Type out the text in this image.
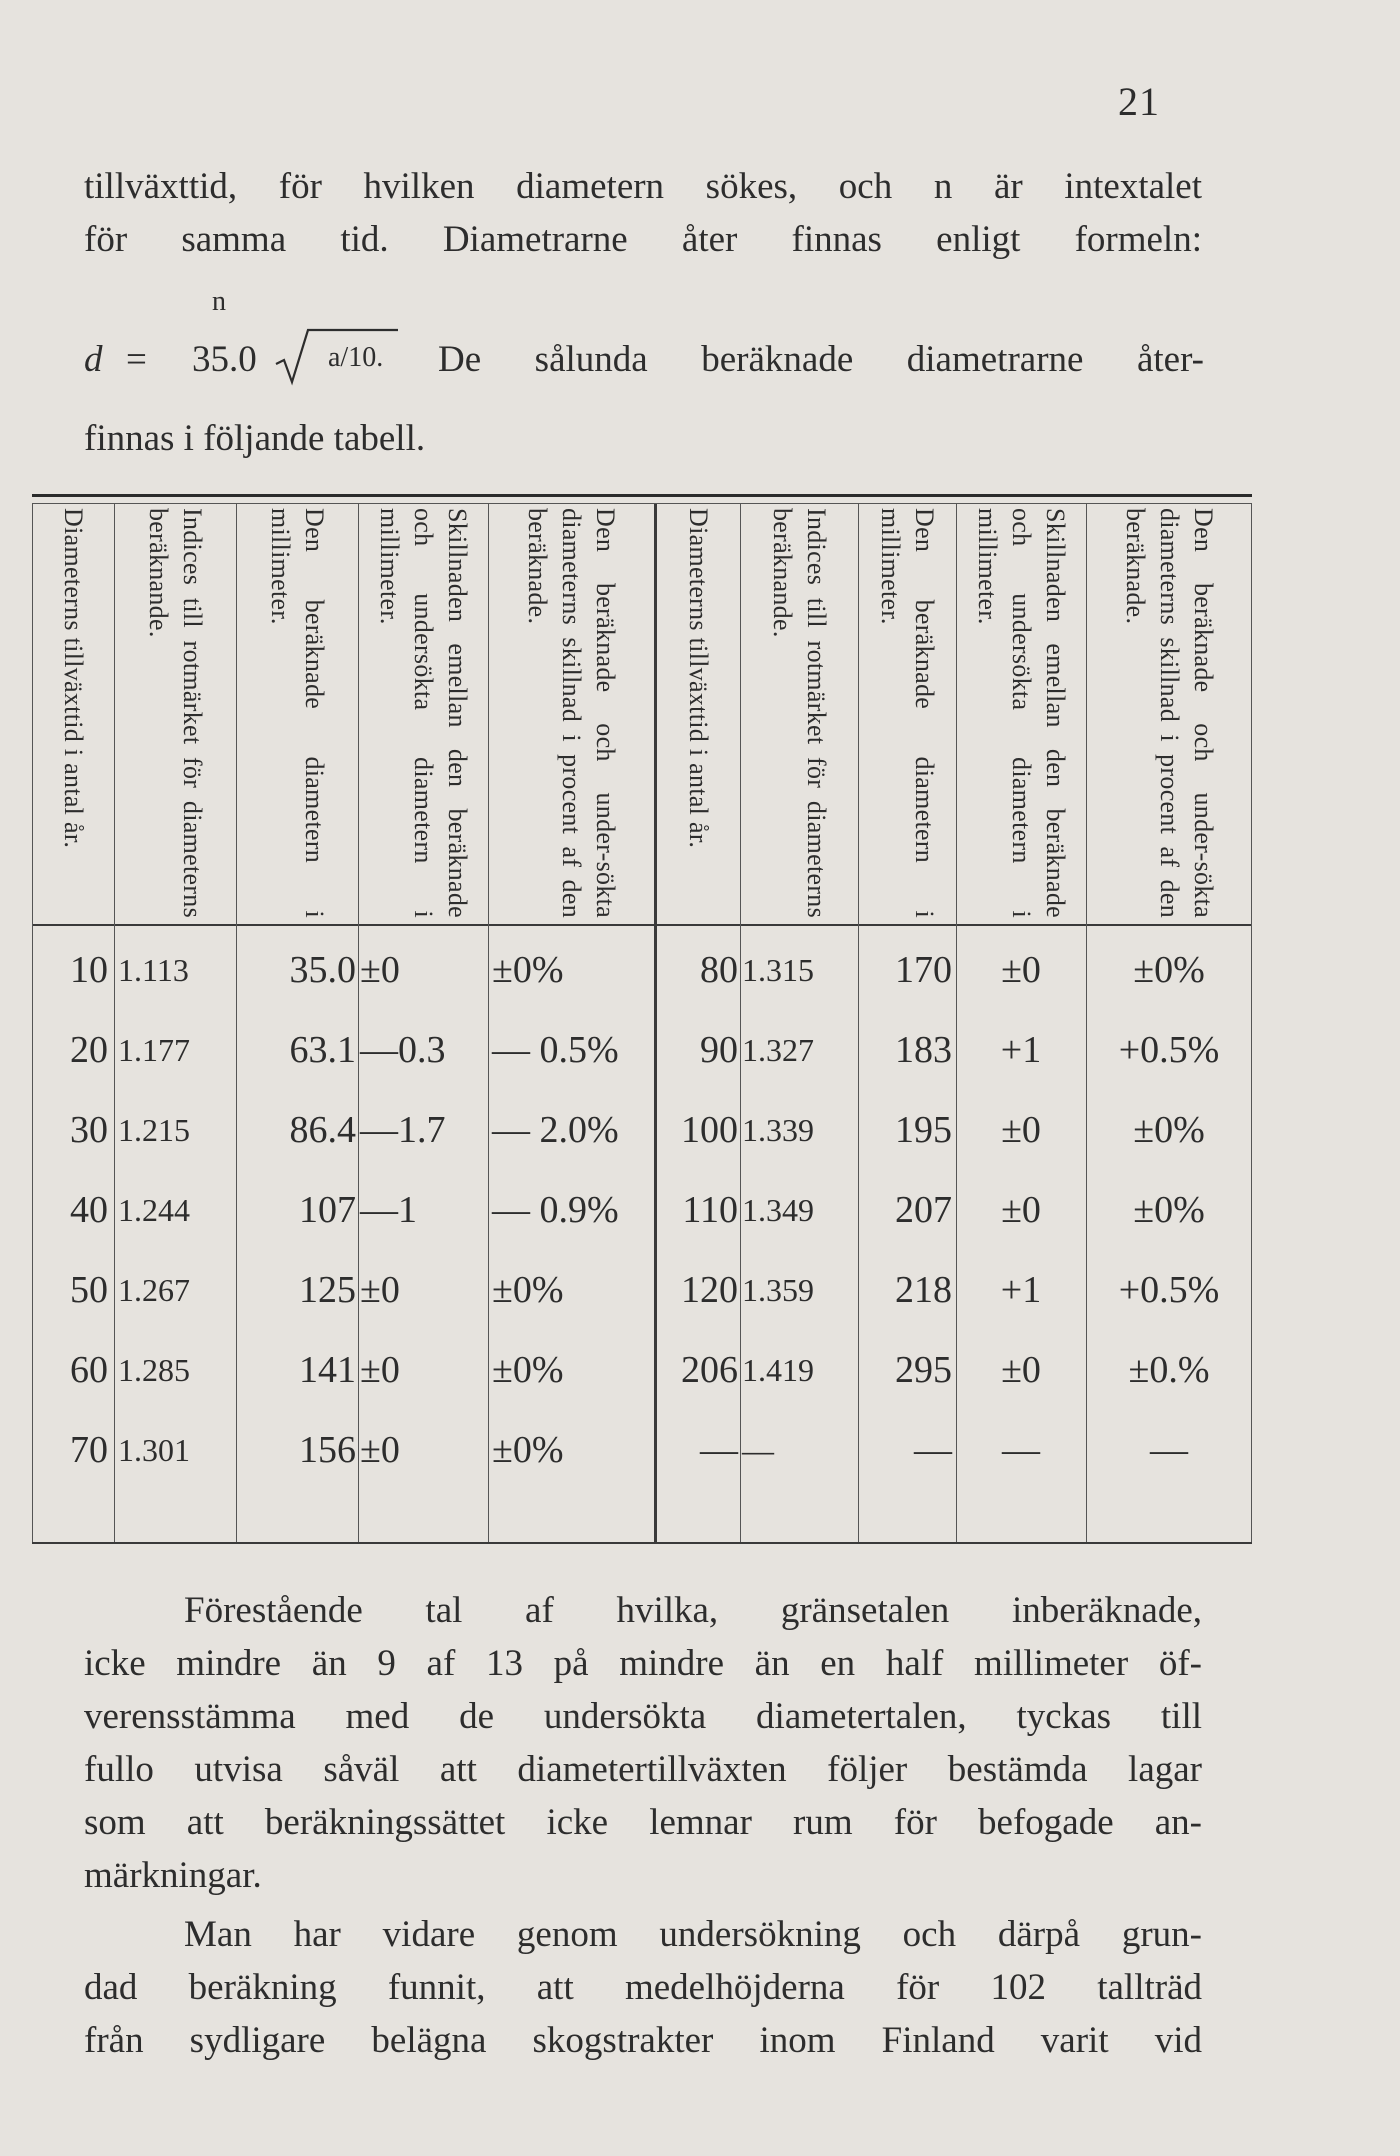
21

tillväxttid, för hvilken diametern sökes, och n är intextalet
för samma tid. Diametrarne åter finnas enligt formeln:

n
d = 35.0	a/10. De sålunda beräknade diametrarne åter-

finnas i följande tabell.

Diameterns tillväxttid i antal år.	Indices till rotmärket för diameterns beräknande.	Den beräknade diametern i millimeter.	Skillnaden emellan den beräknade och undersökta diametern i millimeter.	Den beräknade och under-sökta diameterns skillnad i procent af den beräknade.	Diameterns tillväxttid i antal år.	Indices till rotmärket för diameterns beräknande.	Den beräknade diametern i millimeter.	Skillnaden emellan den beräknade och undersökta diametern i millimeter.	Den beräknade och under-sökta diameterns skillnad i procent af den beräknade.
10 1.113	35.0 ±0	±0%	80 1.315	170	±0	±0%
20 1.177	63.1 —0.3	— 0.5%	90 1.327	183	+1	+0.5%
30 1.215	86.4 —1.7	— 2.0%	100 1.339	195	±0	±0%
40 1.244	107 —1	— 0.9%	110 1.349	207	±0	±0%
50 1.267	125 ±0	±0%	120 1.359	218	+1	+0.5%
60 1.285	141 ±0	±0%	206 1.419	295	±0	±0.%
70 1.301	156 ±0	±0%	— —	—	—	—

Förestående tal af hvilka, gränsetalen inberäknade,
icke mindre än 9 af 13 på mindre än en half millimeter öf-
verensstämma med de undersökta diametertalen, tyckas till
fullo utvisa såväl att diametertillväxten följer bestämda lagar
som att beräkningssättet icke lemnar rum för befogade an-
märkningar.

Man har vidare genom undersökning och därpå grun-
dad beräkning funnit, att medelhöjderna för 102 tallträd
från sydligare belägna skogstrakter inom Finland varit vid
